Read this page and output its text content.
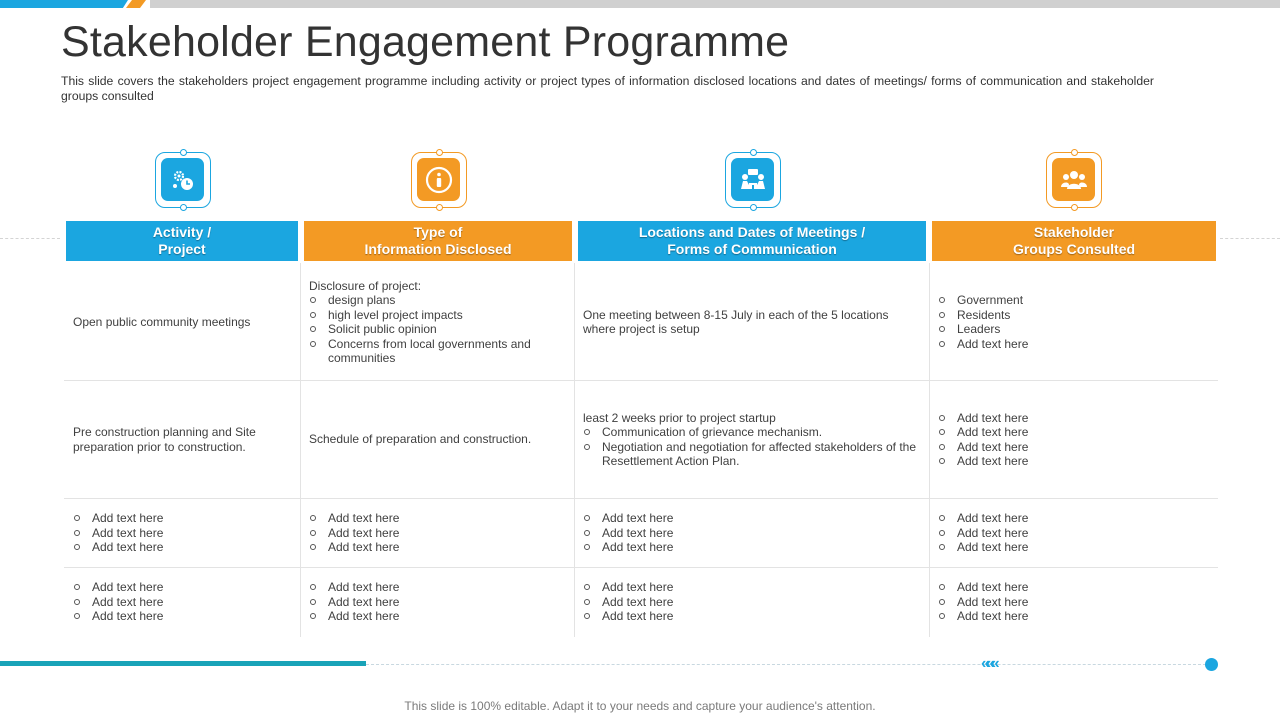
Stakeholder Engagement Programme

This slide covers the stakeholders project engagement programme including activity or project types of information disclosed locations and dates of meetings/ forms of communication and stakeholder groups consulted

Activity /
Project
Type of
Information Disclosed
Locations and Dates of Meetings /
Forms of Communication
Stakeholder
Groups Consulted

Open public community meetings

Disclosure of project:

design plans
high level project impacts
Solicit public opinion
Concerns from local governments and communities

One meeting between 8-15 July in each of the 5 locations where project is setup

Government
Residents
Leaders
Add text here

Pre construction planning and Site preparation prior to construction.

Schedule of preparation and construction.

least 2 weeks prior to project startup

Communication of grievance mechanism.
Negotiation and negotiation for affected stakeholders of the Resettlement Action Plan.
Add text here
Add text here
Add text here
Add text here
Add text here
Add text here
Add text here
Add text here
Add text here
Add text here
Add text here
Add text here
Add text here
Add text here
Add text here
Add text here
Add text here
Add text here
Add text here
Add text here
Add text here
Add text here
Add text here
Add text here
Add text here
Add text here
Add text here
Add text here
«««
This slide is 100% editable. Adapt it to your needs and capture your audience's attention.
